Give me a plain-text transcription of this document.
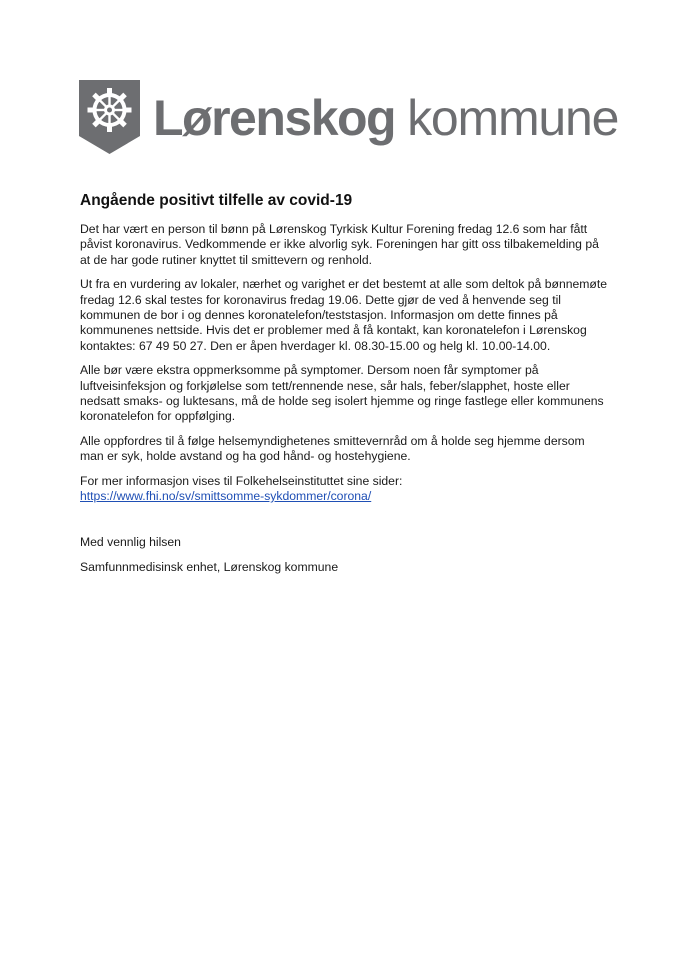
Lørenskog kommune
Angående positivt tilfelle av covid-19

Det har vært en person til bønn på Lørenskog Tyrkisk Kultur Forening fredag 12.6 som har fått påvist koronavirus. Vedkommende er ikke alvorlig syk. Foreningen har gitt oss tilbakemelding på at de har gode rutiner knyttet til smittevern og renhold.

Ut fra en vurdering av lokaler, nærhet og varighet er det bestemt at alle som deltok på bønnemøte fredag 12.6 skal testes for koronavirus fredag 19.06. Dette gjør de ved å henvende seg til kommunen de bor i og dennes koronatelefon/teststasjon. Informasjon om dette finnes på kommunenes nettside. Hvis det er problemer med å få kontakt, kan koronatelefon i Lørenskog kontaktes: 67 49 50 27. Den er åpen hverdager kl. 08.30-15.00 og helg kl. 10.00-14.00.

Alle bør være ekstra oppmerksomme på symptomer. Dersom noen får symptomer på luftveisinfeksjon og forkjølelse som tett/rennende nese, sår hals, feber/slapphet, hoste eller nedsatt smaks- og luktesans, må de holde seg isolert hjemme og ringe fastlege eller kommunens koronatelefon for oppfølging.

Alle oppfordres til å følge helsemyndighetenes smittevernråd om å holde seg hjemme dersom man er syk, holde avstand og ha god hånd- og hostehygiene.

For mer informasjon vises til Folkehelseinstituttet sine sider:
https://www.fhi.no/sv/smittsomme-sykdommer/corona/

Med vennlig hilsen

Samfunnmedisinsk enhet, Lørenskog kommune
